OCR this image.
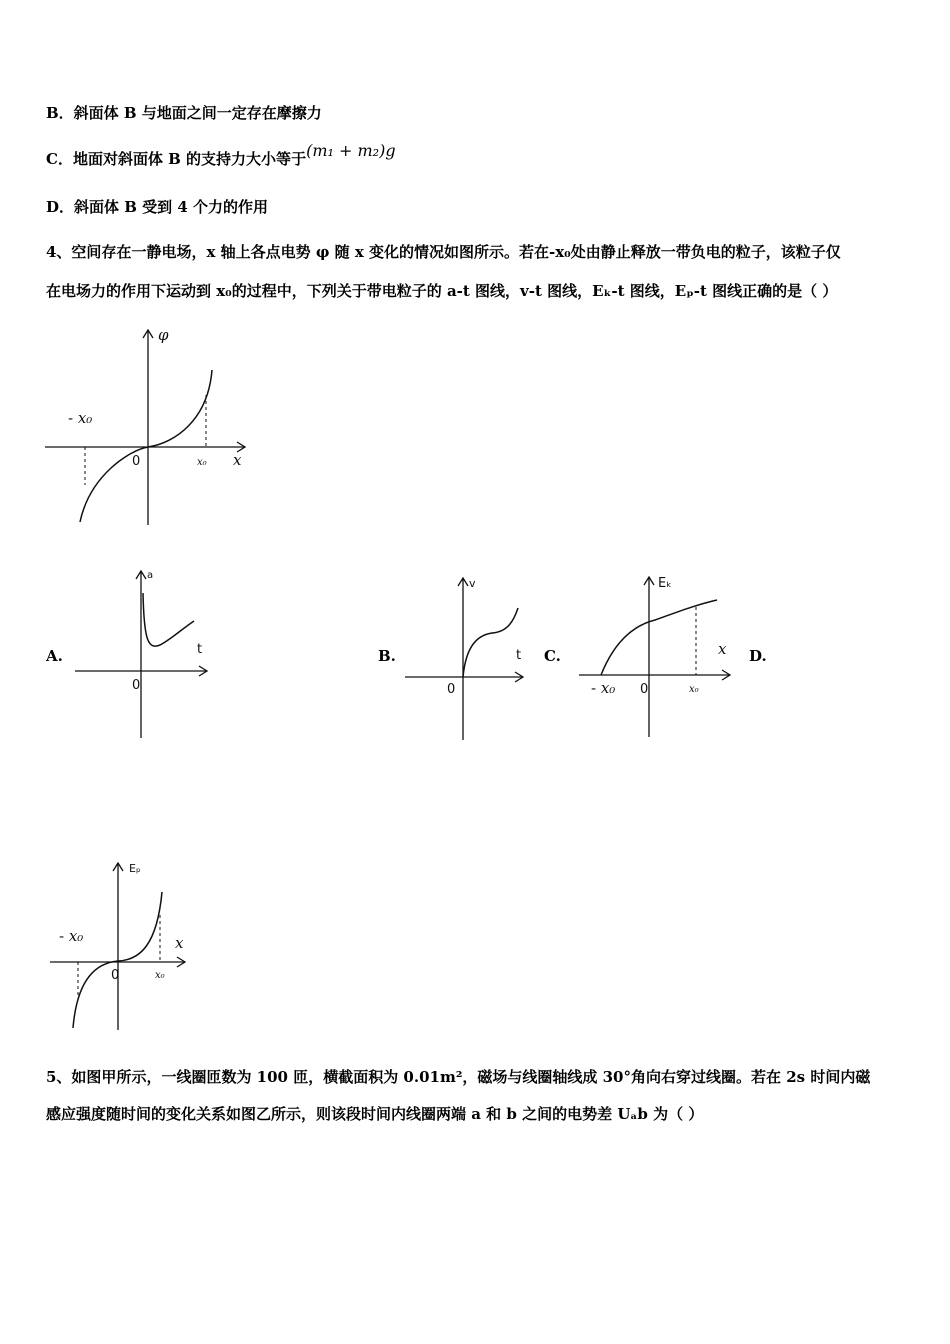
B．斜面体 B 与地面之间一定存在摩擦力
C．地面对斜面体 B 的支持力大小等于(m₁ + m₂)g
D．斜面体 B 受到 4 个力的作用
4、空间存在一静电场，x 轴上各点电势 φ 随 x 变化的情况如图所示。若在-x₀处由静止释放一带负电的粒子，该粒子仅
在电场力的作用下运动到 x₀的过程中，下列关于带电粒子的 a-t 图线，v-t 图线，Eₖ-t 图线，Eₚ-t 图线正确的是（ ）
φ
x
0
- x₀
x₀
A.
a
t
0
B.
v
t
0
C.
Eₖ
x
0
- x₀	x₀
D.
Eₚ
x
0
- x₀
x₀
5、如图甲所示，一线圈匝数为 100 匝，横截面积为 0.01m²，磁场与线圈轴线成 30°角向右穿过线圈。若在 2s 时间内磁
感应强度随时间的变化关系如图乙所示，则该段时间内线圈两端 a 和 b 之间的电势差 Uₐb 为（ ）
